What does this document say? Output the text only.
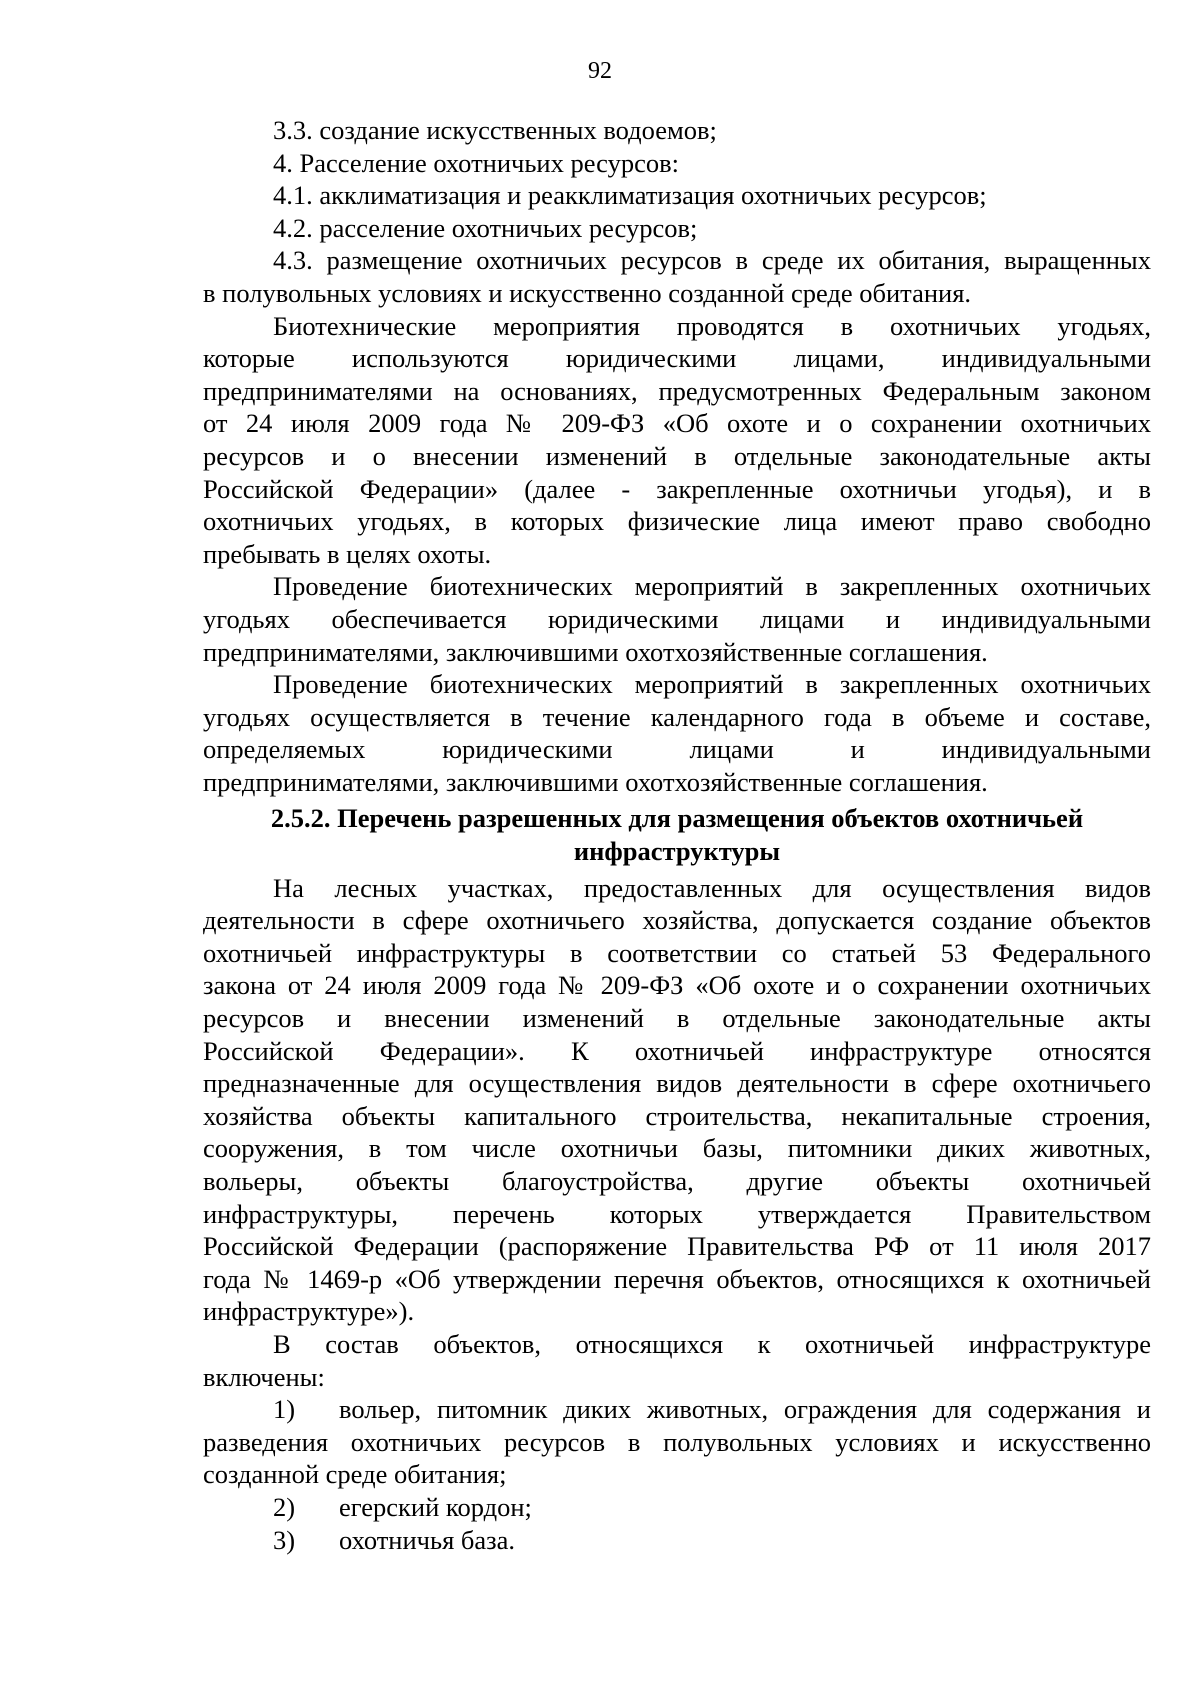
92
3.3. создание искусственных водоемов;
4. Расселение охотничьих ресурсов:
4.1. акклиматизация и реакклиматизация охотничьих ресурсов;
4.2. расселение охотничьих ресурсов;
4.3. размещение охотничьих ресурсов в среде их обитания, выращенных
в полувольных условиях и искусственно созданной среде обитания.
Биотехнические мероприятия проводятся в охотничьих угодьях,
которые используются юридическими лицами, индивидуальными
предпринимателями на основаниях, предусмотренных Федеральным законом
от 24 июля 2009 года № 209-ФЗ «Об охоте и о сохранении охотничьих
ресурсов и о внесении изменений в отдельные законодательные акты
Российской Федерации» (далее - закрепленные охотничьи угодья), и в
охотничьих угодьях, в которых физические лица имеют право свободно
пребывать в целях охоты.
Проведение биотехнических мероприятий в закрепленных охотничьих
угодьях обеспечивается юридическими лицами и индивидуальными
предпринимателями, заключившими охотхозяйственные соглашения.
Проведение биотехнических мероприятий в закрепленных охотничьих
угодьях осуществляется в течение календарного года в объеме и составе,
определяемых юридическими лицами и индивидуальными
предпринимателями, заключившими охотхозяйственные соглашения.
2.5.2. Перечень разрешенных для размещения объектов охотничьей
инфраструктуры
На лесных участках, предоставленных для осуществления видов
деятельности в сфере охотничьего хозяйства, допускается создание объектов
охотничьей инфраструктуры в соответствии со статьей 53 Федерального
закона от 24 июля 2009 года № 209-ФЗ «Об охоте и о сохранении охотничьих
ресурсов и внесении изменений в отдельные законодательные акты
Российской Федерации». К охотничьей инфраструктуре относятся
предназначенные для осуществления видов деятельности в сфере охотничьего
хозяйства объекты капитального строительства, некапитальные строения,
сооружения, в том числе охотничьи базы, питомники диких животных,
вольеры, объекты благоустройства, другие объекты охотничьей
инфраструктуры, перечень которых утверждается Правительством
Российской Федерации (распоряжение Правительства РФ от 11 июля 2017
года № 1469-р «Об утверждении перечня объектов, относящихся к охотничьей
инфраструктуре»).
В состав объектов, относящихся к охотничьей инфраструктуре
включены:
1) вольер, питомник диких животных, ограждения для содержания и
разведения охотничьих ресурсов в полувольных условиях и искусственно
созданной среде обитания;
2) егерский кордон;
3) охотничья база.
